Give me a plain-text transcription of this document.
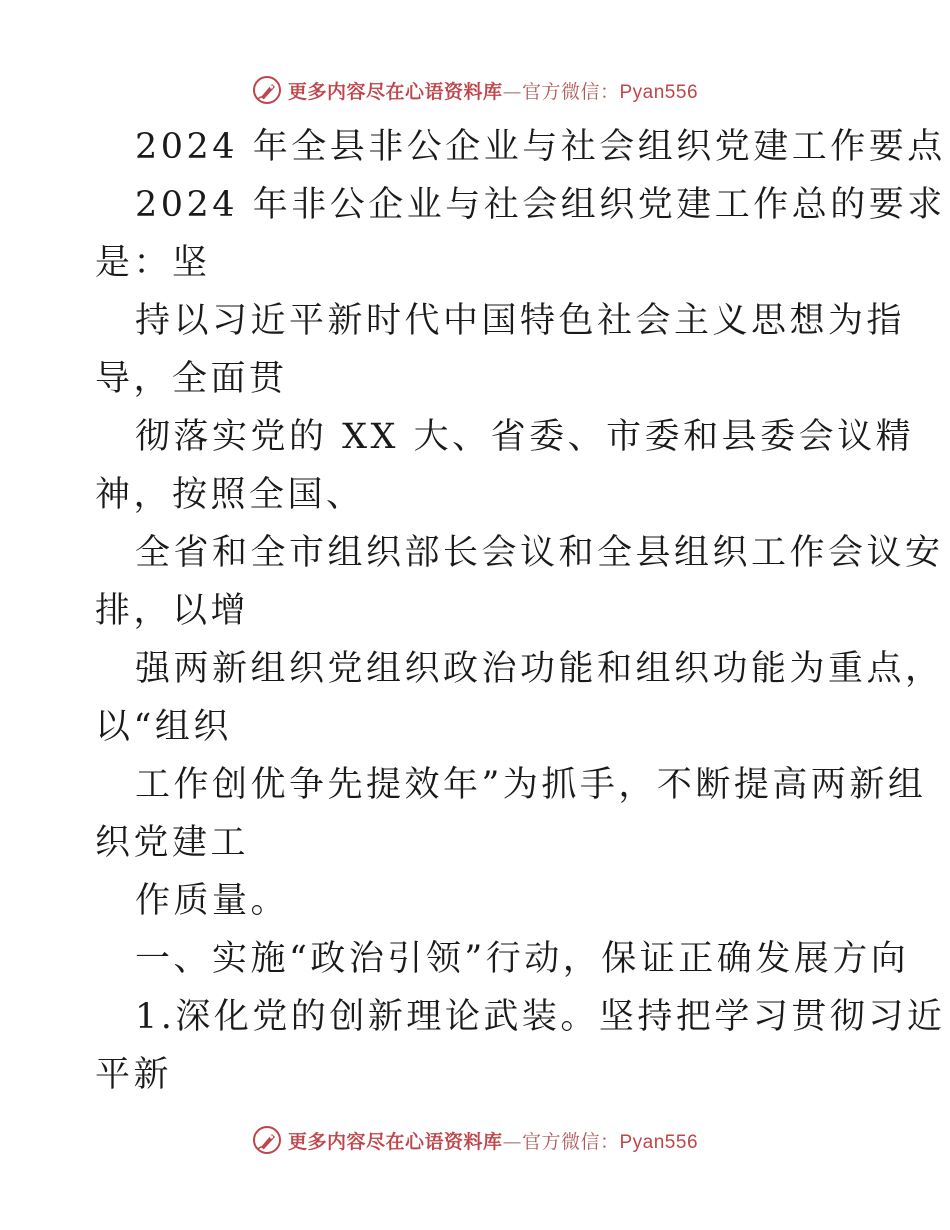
更多内容尽在心语资料库—官方微信：Pyan556
2024 年全县非公企业与社会组织党建工作要点
2024 年非公企业与社会组织党建工作总的要求
是：坚
持以习近平新时代中国特色社会主义思想为指
导，全面贯
彻落实党的 XX 大、省委、市委和县委会议精
神，按照全国、
全省和全市组织部长会议和全县组织工作会议安
排，以增
强两新组织党组织政治功能和组织功能为重点，
以“组织
工作创优争先提效年”为抓手，不断提高两新组
织党建工
作质量。
一、实施“政治引领”行动，保证正确发展方向
1.深化党的创新理论武装。坚持把学习贯彻习近
平新
更多内容尽在心语资料库—官方微信：Pyan556
